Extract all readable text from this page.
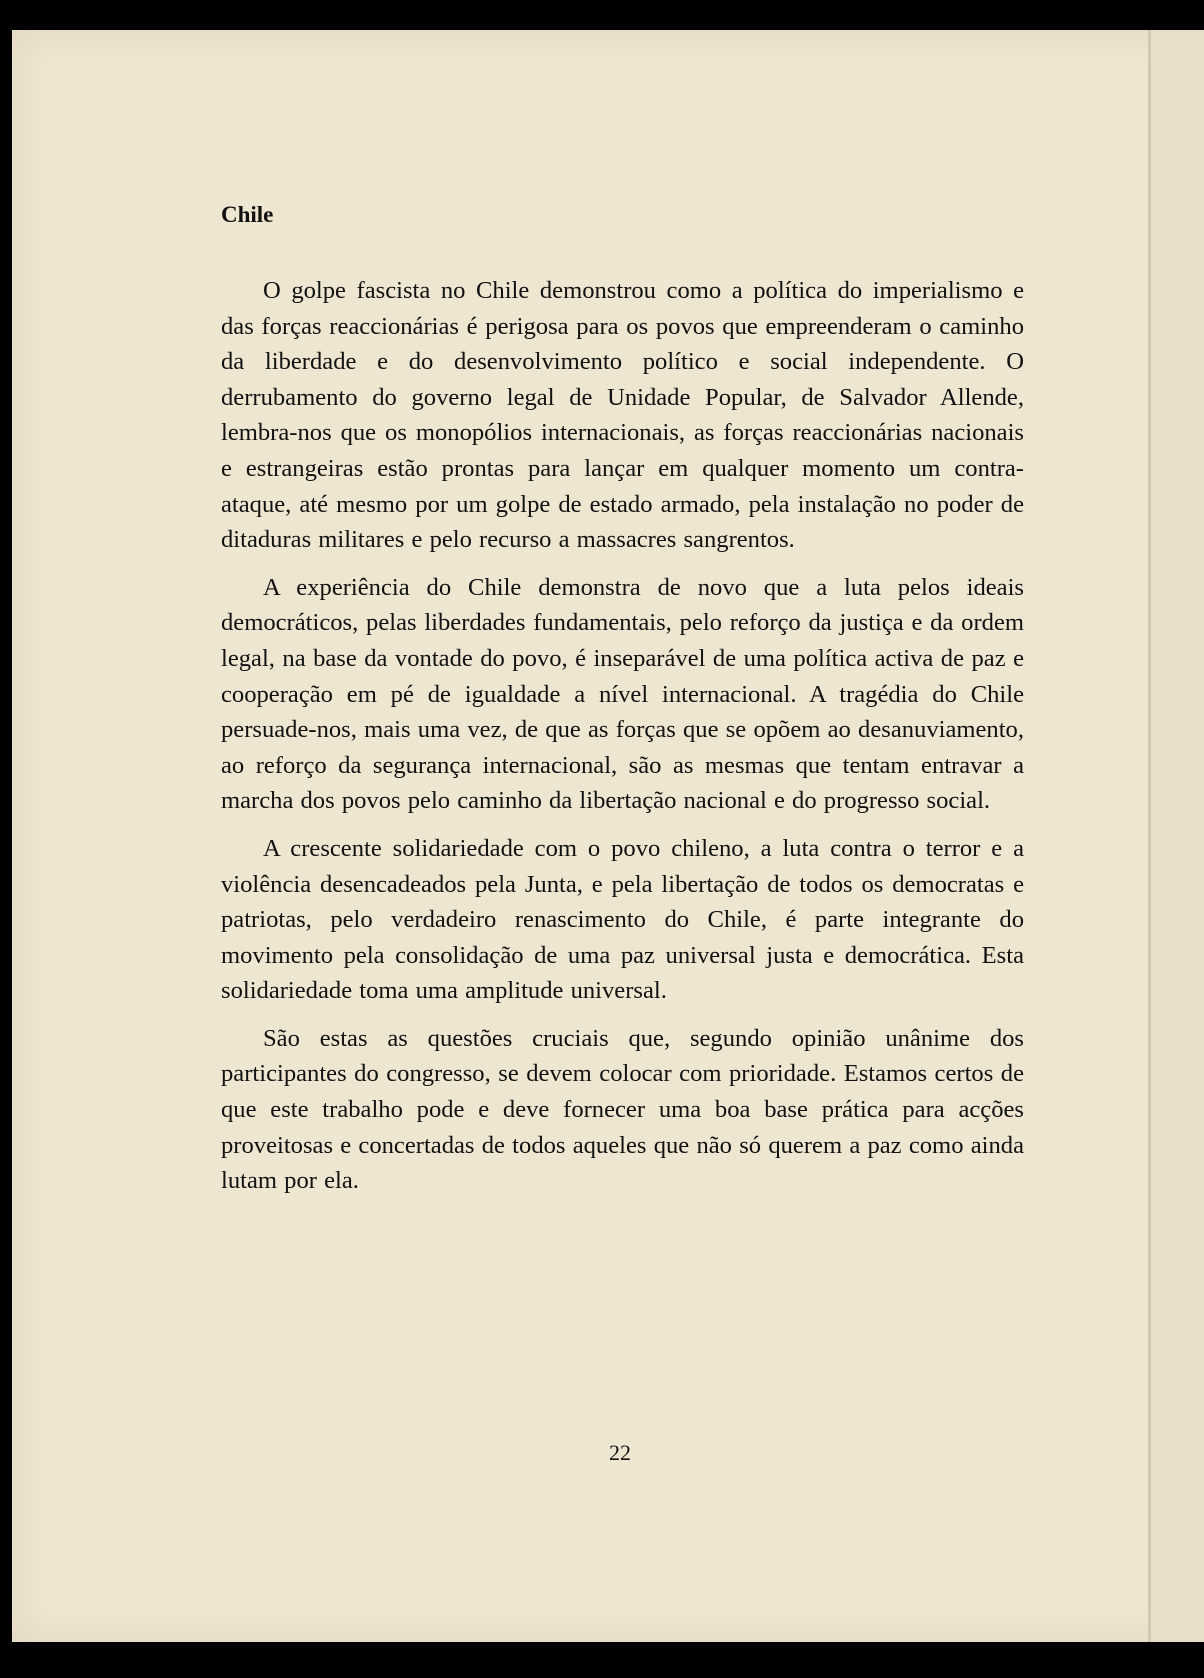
Chile

O golpe fascista no Chile demonstrou como a política do imperialismo e das forças reaccionárias é perigosa para os povos que empreenderam o caminho da liberdade e do desenvolvimento político e social independente. O derrubamento do governo legal de Unidade Popular, de Salvador Allende, lembra-nos que os monopólios internacionais, as forças reaccionárias nacionais e estrangeiras estão prontas para lançar em qualquer momento um contra-ataque, até mesmo por um golpe de estado armado, pela instalação no poder de ditaduras militares e pelo recurso a massacres sangrentos.

A experiência do Chile demonstra de novo que a luta pelos ideais democráticos, pelas liberdades fundamentais, pelo reforço da justiça e da ordem legal, na base da vontade do povo, é inseparável de uma política activa de paz e cooperação em pé de igualdade a nível internacional. A tragédia do Chile persuade-nos, mais uma vez, de que as forças que se opõem ao desanuviamento, ao reforço da segurança internacional, são as mesmas que tentam entravar a marcha dos povos pelo caminho da libertação nacional e do progresso social.

A crescente solidariedade com o povo chileno, a luta contra o terror e a violência desencadeados pela Junta, e pela libertação de todos os democratas e patriotas, pelo verdadeiro renascimento do Chile, é parte integrante do movimento pela consolidação de uma paz universal justa e democrática. Esta solidariedade toma uma amplitude universal.

São estas as questões cruciais que, segundo opinião unânime dos participantes do congresso, se devem colocar com prioridade. Estamos certos de que este trabalho pode e deve fornecer uma boa base prática para acções proveitosas e concertadas de todos aqueles que não só querem a paz como ainda lutam por ela.

22
